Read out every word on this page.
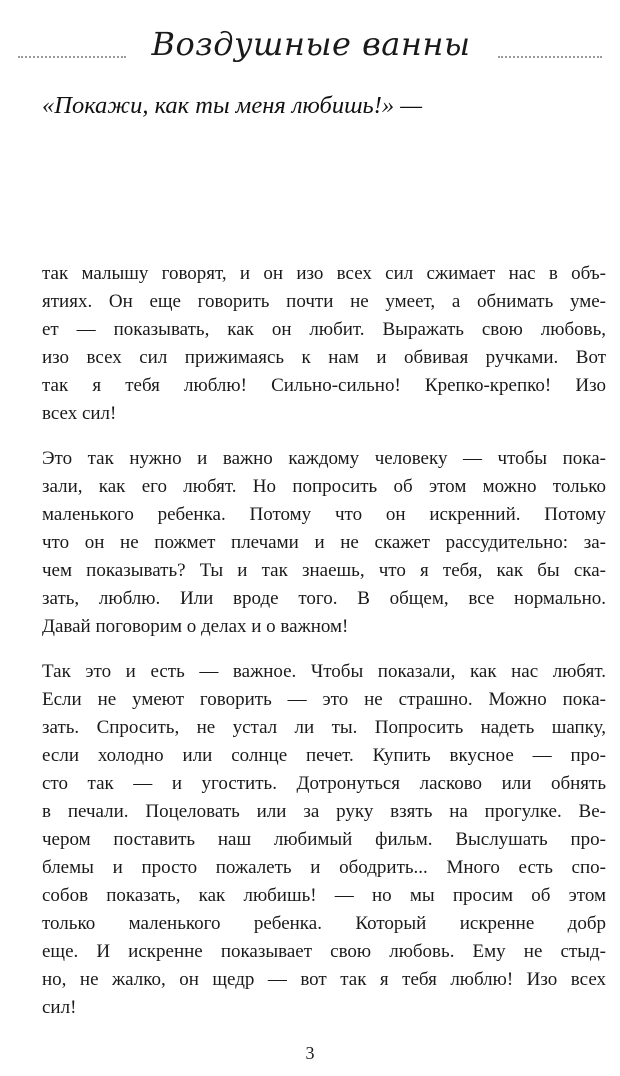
Воздушные ванны
«Покажи, как ты меня любишь!» —
так малышу говорят, и он изо всех сил сжимает нас в объ-
ятиях. Он еще говорить почти не умеет, а обнимать уме-
ет — показывать, как он любит. Выражать свою любовь,
изо всех сил прижимаясь к нам и обвивая ручками. Вот
так я тебя люблю! Сильно-сильно! Крепко-крепко! Изо
всех сил!
Это так нужно и важно каждому человеку — чтобы пока-
зали, как его любят. Но попросить об этом можно только
маленького ребенка. Потому что он искренний. Потому
что он не пожмет плечами и не скажет рассудительно: за-
чем показывать? Ты и так знаешь, что я тебя, как бы ска-
зать, люблю. Или вроде того. В общем, все нормально.
Давай поговорим о делах и о важном!
Так это и есть — важное. Чтобы показали, как нас любят.
Если не умеют говорить — это не страшно. Можно пока-
зать. Спросить, не устал ли ты. Попросить надеть шапку,
если холодно или солнце печет. Купить вкусное — про-
сто так — и угостить. Дотронуться ласково или обнять
в печали. Поцеловать или за руку взять на прогулке. Ве-
чером поставить наш любимый фильм. Выслушать про-
блемы и просто пожалеть и ободрить... Много есть спо-
собов показать, как любишь! — но мы просим об этом
только маленького ребенка. Который искренне добр
еще. И искренне показывает свою любовь. Ему не стыд-
но, не жалко, он щедр — вот так я тебя люблю! Изо всех
сил!
3
